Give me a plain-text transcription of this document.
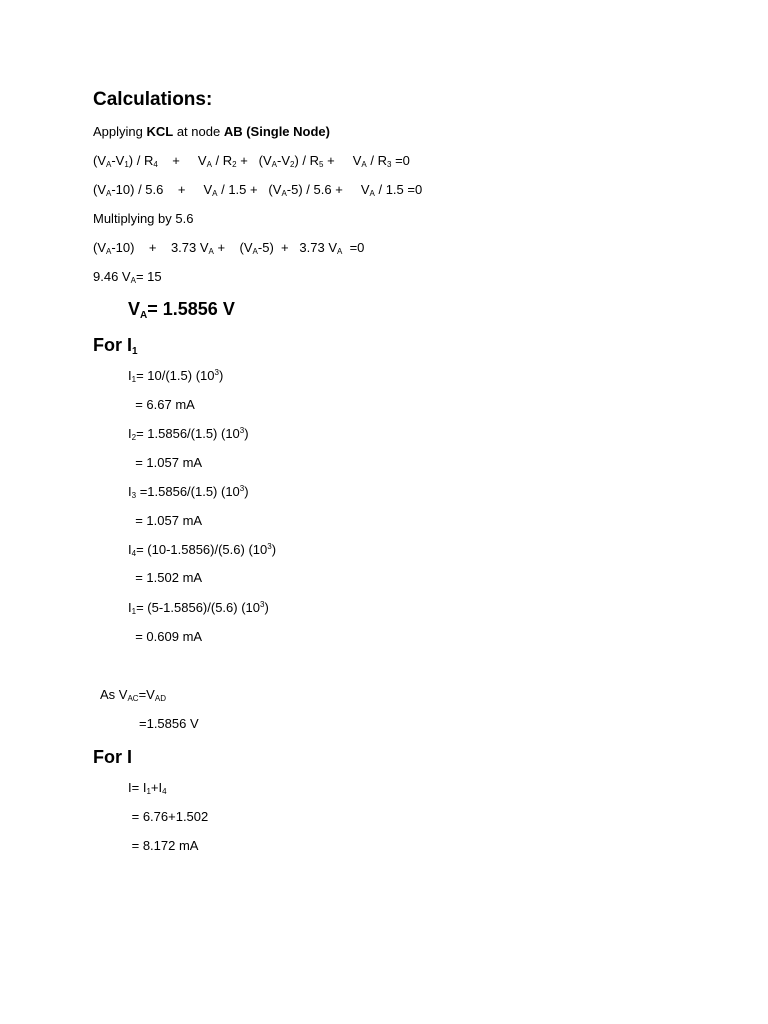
Calculations:
Applying KCL at node AB (Single Node)
$(V_A-V_1) / R_4$    +     $V_A / R_2 + (V_A-V_2) / R_5$ +     $V_A / R_3 =0$
$(V_A-10) / 5.6$    +     $V_A / 1.5 + (V_A-5) / 5.6$ +     $V_A / 1.5 =0$
Multiplying by 5.6
$(V_A-10)$    +    3.73 $V_A$ +    $(V_A-5) + 3.73$ $V_A =0$
9.46 $V_A= 15$
$V_A= 1.5856$ V
For $I_1$
$I_1= 10/(1.5)$ $(10^3)$
= 6.67 mA
$I_2= 1.5856/(1.5)$ $(10^3)$
= 1.057 mA
$I_3 =1.5856/(1.5)$ $(10^3)$
= 1.057 mA
$I_4= (10-1.5856)/(5.6)$ $(10^3)$
= 1.502 mA
$I_1= (5-1.5856)/(5.6)$ $(10^3)$
= 0.609 mA
As $V_{AC}=V_{AD}$
=1.5856 V
For I
$I= I_1+I_4$
= 6.76+1.502
= 8.172 mA
